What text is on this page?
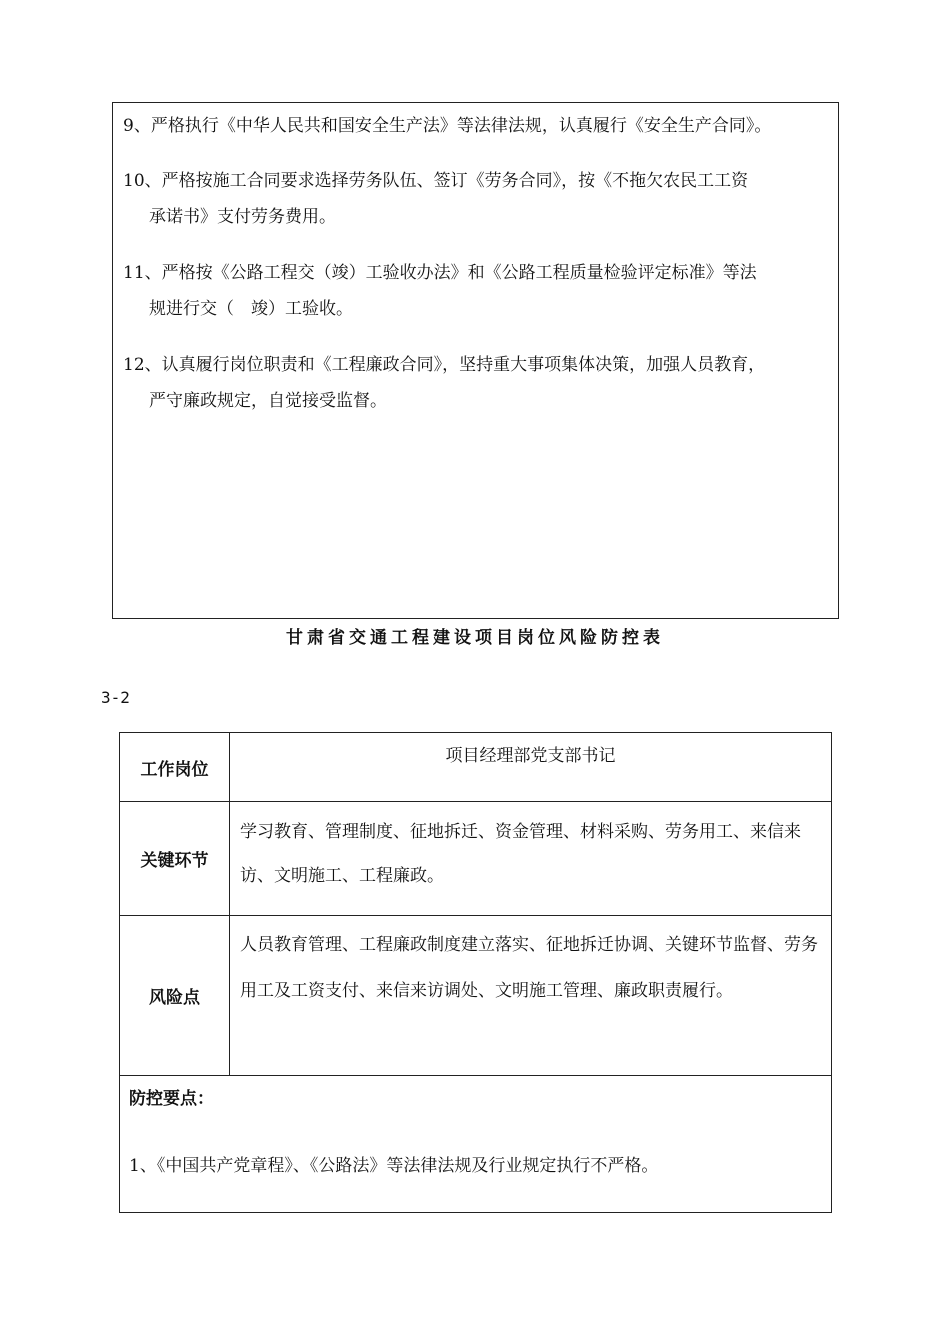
9、严格执行《中华人民共和国安全生产法》等法律法规，认真履行《安全生产合同》。

10、严格按施工合同要求选择劳务队伍、签订《劳务合同》，按《不拖欠农民工工资
承诺书》支付劳务费用。

11、严格按《公路工程交（竣）工验收办法》和《公路工程质量检验评定标准》等法
规进行交（　竣）工验收。

12、认真履行岗位职责和《工程廉政合同》，坚持重大事项集体决策，加强人员教育，
严守廉政规定，自觉接受监督。

甘肃省交通工程建设项目岗位风险防控表
3-2
工作岗位
项目经理部党支部书记
关键环节
学习教育、管理制度、征地拆迁、资金管理、材料采购、劳务用工、来信来访、文明施工、工程廉政。
风险点
人员教育管理、工程廉政制度建立落实、征地拆迁协调、关键环节监督、劳务用工及工资支付、来信来访调处、文明施工管理、廉政职责履行。
防控要点：
1、《中国共产党章程》、《公路法》等法律法规及行业规定执行不严格。
